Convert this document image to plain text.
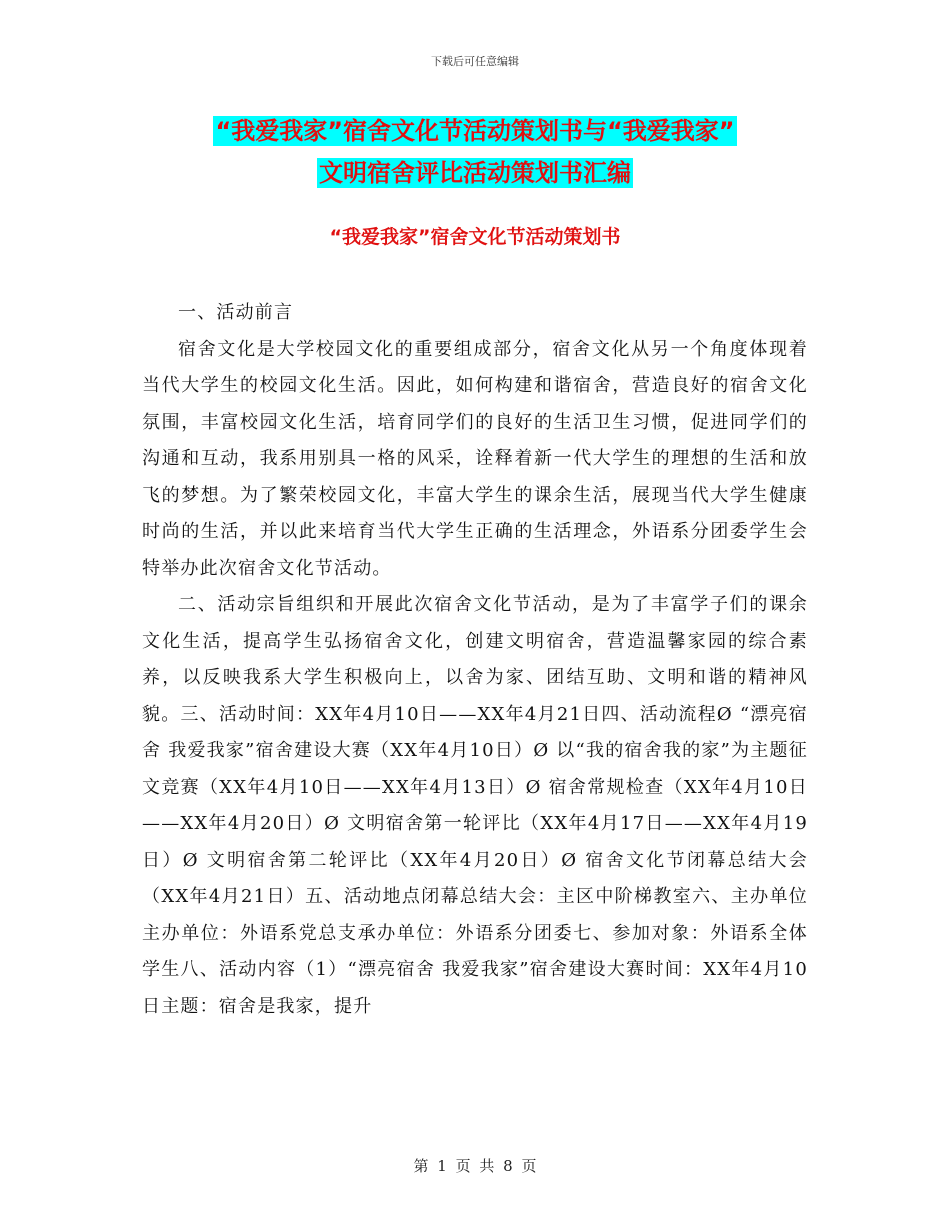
下载后可任意编辑
“我爱我家”宿舍文化节活动策划书与“我爱我家”
文明宿舍评比活动策划书汇编
“我爱我家”宿舍文化节活动策划书

一、活动前言

宿舍文化是大学校园文化的重要组成部分，宿舍文化从另一个角度体现着当代大学生的校园文化生活。因此，如何构建和谐宿舍，营造良好的宿舍文化氛围，丰富校园文化生活，培育同学们的良好的生活卫生习惯，促进同学们的沟通和互动，我系用别具一格的风采，诠释着新一代大学生的理想的生活和放飞的梦想。为了繁荣校园文化，丰富大学生的课余生活，展现当代大学生健康时尚的生活，并以此来培育当代大学生正确的生活理念，外语系分团委学生会特举办此次宿舍文化节活动。

二、活动宗旨组织和开展此次宿舍文化节活动，是为了丰富学子们的课余文化生活，提高学生弘扬宿舍文化，创建文明宿舍，营造温馨家园的综合素养，以反映我系大学生积极向上，以舍为家、团结互助、文明和谐的精神风貌。三、活动时间：XX年4月10日——XX年4月21日四、活动流程Ø “漂亮宿舍 我爱我家”宿舍建设大赛（XX年4月10日）Ø 以“我的宿舍我的家”为主题征文竞赛（XX年4月10日——XX年4月13日）Ø 宿舍常规检查（XX年4月10日——XX年4月20日）Ø 文明宿舍第一轮评比（XX年4月17日——XX年4月19日）Ø 文明宿舍第二轮评比（XX年4月20日）Ø 宿舍文化节闭幕总结大会（XX年4月21日）五、活动地点闭幕总结大会：主区中阶梯教室六、主办单位主办单位：外语系党总支承办单位：外语系分团委七、参加对象：外语系全体学生八、活动内容（1）“漂亮宿舍 我爱我家”宿舍建设大赛时间：XX年4月10日主题：宿舍是我家，提升

第 1 页 共 8 页
